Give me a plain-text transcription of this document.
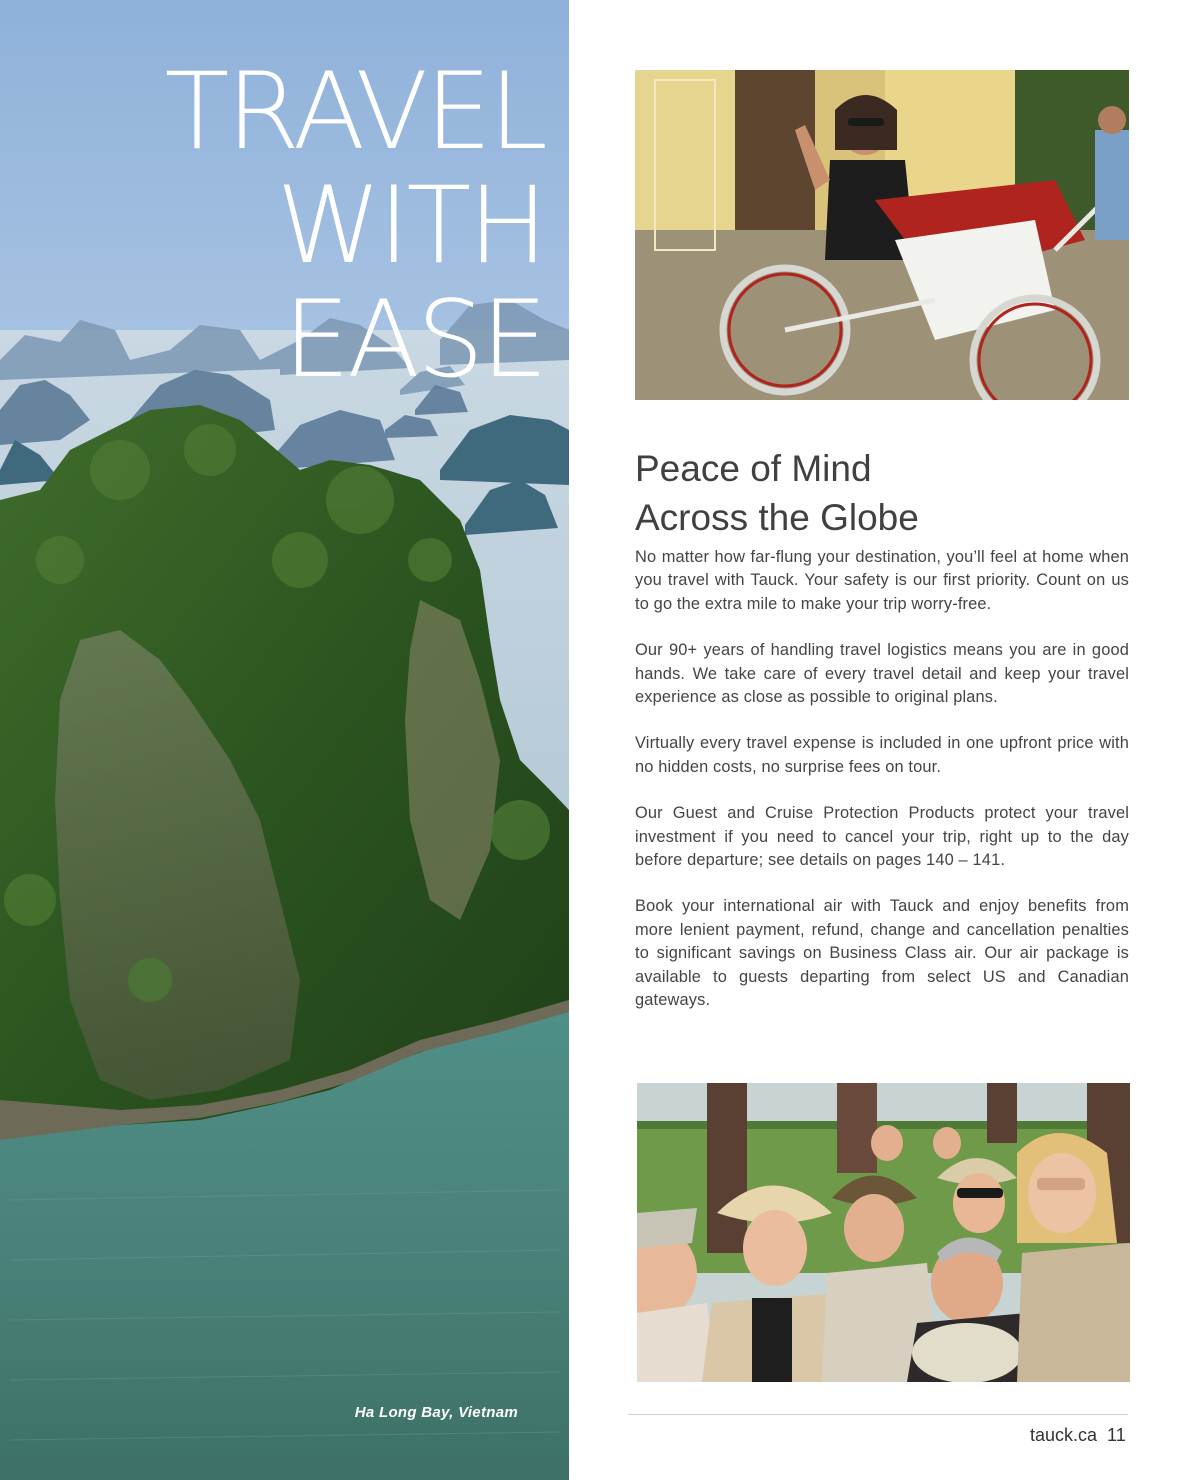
TRAVEL
WITH EASE
Ha Long Bay, Vietnam
Peace of Mind
Across the Globe

No matter how far-flung your destination, you’ll feel at home when you travel with Tauck. Your safety is our first priority. Count on us to go the extra mile to make your trip worry-free.

Our 90+ years of handling travel logistics means you are in good hands. We take care of every travel detail and keep your travel experience as close as possible to original plans.

Virtually every travel expense is included in one upfront price with no hidden costs, no surprise fees on tour.

Our Guest and Cruise Protection Products protect your travel investment if you need to cancel your trip, right up to the day before departure; see details on pages 140 – 141.

Book your international air with Tauck and enjoy benefits from more lenient payment, refund, change and cancellation penalties to significant savings on Business Class air. Our air package is available to guests departing from select US and Canadian gateways.

tauck.ca 11
